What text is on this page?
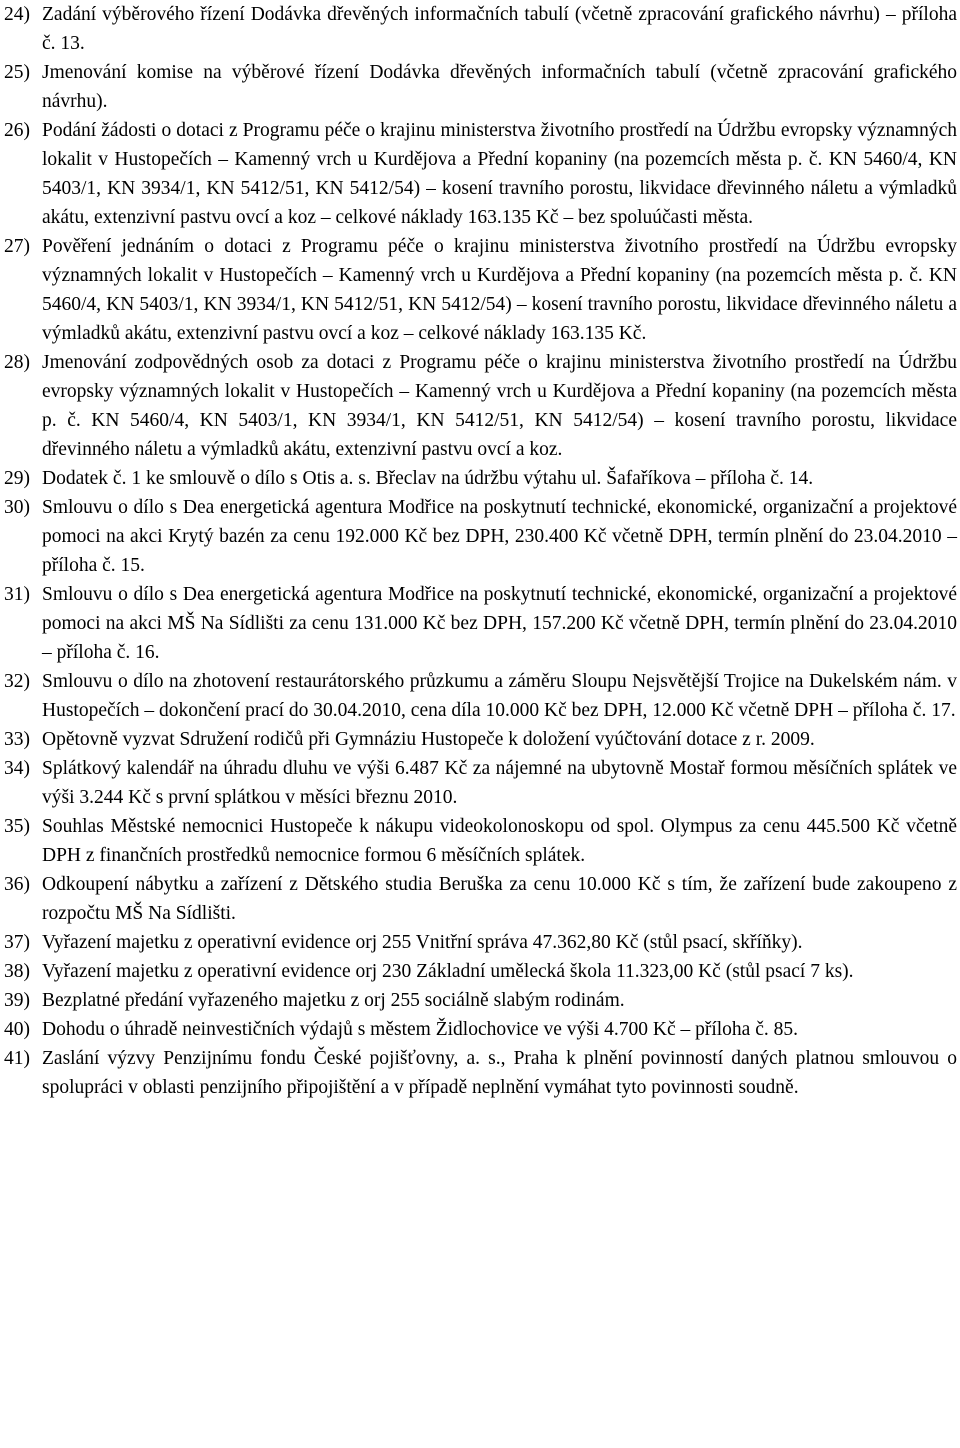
24) Zadání výběrového řízení Dodávka dřevěných informačních tabulí (včetně zpracování grafického návrhu) – příloha č. 13.
25) Jmenování komise na výběrové řízení Dodávka dřevěných informačních tabulí (včetně zpracování grafického návrhu).
26) Podání žádosti o dotaci z Programu péče o krajinu ministerstva životního prostředí na Údržbu evropsky významných lokalit v Hustopečích – Kamenný vrch u Kurdějova a Přední kopaniny (na pozemcích města p. č. KN 5460/4, KN 5403/1, KN 3934/1, KN 5412/51, KN 5412/54) – kosení travního porostu, likvidace dřevinného náletu a výmladků akátu, extenzivní pastvu ovcí a koz – celkové náklady 163.135 Kč – bez spoluúčasti města.
27) Pověření jednáním o dotaci z Programu péče o krajinu ministerstva životního prostředí na Údržbu evropsky významných lokalit v Hustopečích – Kamenný vrch u Kurdějova a Přední kopaniny (na pozemcích města p. č. KN 5460/4, KN 5403/1, KN 3934/1, KN 5412/51, KN 5412/54) – kosení travního porostu, likvidace dřevinného náletu a výmladků akátu, extenzivní pastvu ovcí a koz – celkové náklady 163.135 Kč.
28) Jmenování zodpovědných osob za dotaci z Programu péče o krajinu ministerstva životního prostředí na Údržbu evropsky významných lokalit v Hustopečích – Kamenný vrch u Kurdějova a Přední kopaniny (na pozemcích města p. č. KN 5460/4, KN 5403/1, KN 3934/1, KN 5412/51, KN 5412/54) – kosení travního porostu, likvidace dřevinného náletu a výmladků akátu, extenzivní pastvu ovcí a koz.
29) Dodatek č. 1 ke smlouvě o dílo s Otis a. s. Břeclav na údržbu výtahu ul. Šafaříkova – příloha č. 14.
30) Smlouvu o dílo s Dea energetická agentura Modřice na poskytnutí technické, ekonomické, organizační a projektové pomoci na akci Krytý bazén za cenu 192.000 Kč bez DPH, 230.400 Kč včetně DPH, termín plnění do 23.04.2010 – příloha č. 15.
31) Smlouvu o dílo s Dea energetická agentura Modřice na poskytnutí technické, ekonomické, organizační a projektové pomoci na akci MŠ Na Sídlišti za cenu 131.000 Kč bez DPH, 157.200 Kč včetně DPH, termín plnění do 23.04.2010 – příloha č. 16.
32) Smlouvu o dílo na zhotovení restaurátorského průzkumu a záměru Sloupu Nejsvětější Trojice na Dukelském nám. v Hustopečích – dokončení prací do 30.04.2010, cena díla 10.000 Kč bez DPH, 12.000 Kč včetně DPH – příloha č. 17.
33) Opětovně vyzvat Sdružení rodičů při Gymnáziu Hustopeče k doložení vyúčtování dotace z r. 2009.
34) Splátkový kalendář na úhradu dluhu ve výši 6.487 Kč za nájemné na ubytovně Mostař formou měsíčních splátek ve výši 3.244 Kč s první splátkou v měsíci březnu 2010.
35) Souhlas Městské nemocnici Hustopeče k nákupu videokolonoskopu od spol. Olympus za cenu 445.500 Kč včetně DPH z finančních prostředků nemocnice formou 6 měsíčních splátek.
36) Odkoupení nábytku a zařízení z Dětského studia Beruška za cenu 10.000 Kč s tím, že zařízení bude zakoupeno z rozpočtu MŠ Na Sídlišti.
37) Vyřazení majetku z operativní evidence orj 255 Vnitřní správa 47.362,80 Kč (stůl psací, skříňky).
38) Vyřazení majetku z operativní evidence orj 230 Základní umělecká škola 11.323,00 Kč (stůl psací 7 ks).
39) Bezplatné předání vyřazeného majetku z orj 255 sociálně slabým rodinám.
40) Dohodu o úhradě neinvestičních výdajů s městem Židlochovice ve výši 4.700 Kč – příloha č. 85.
41) Zaslání výzvy Penzijnímu fondu České pojišťovny, a. s., Praha k plnění povinností daných platnou smlouvou o spolupráci v oblasti penzijního připojištění a v případě neplnění vymáhat tyto povinnosti soudně.
